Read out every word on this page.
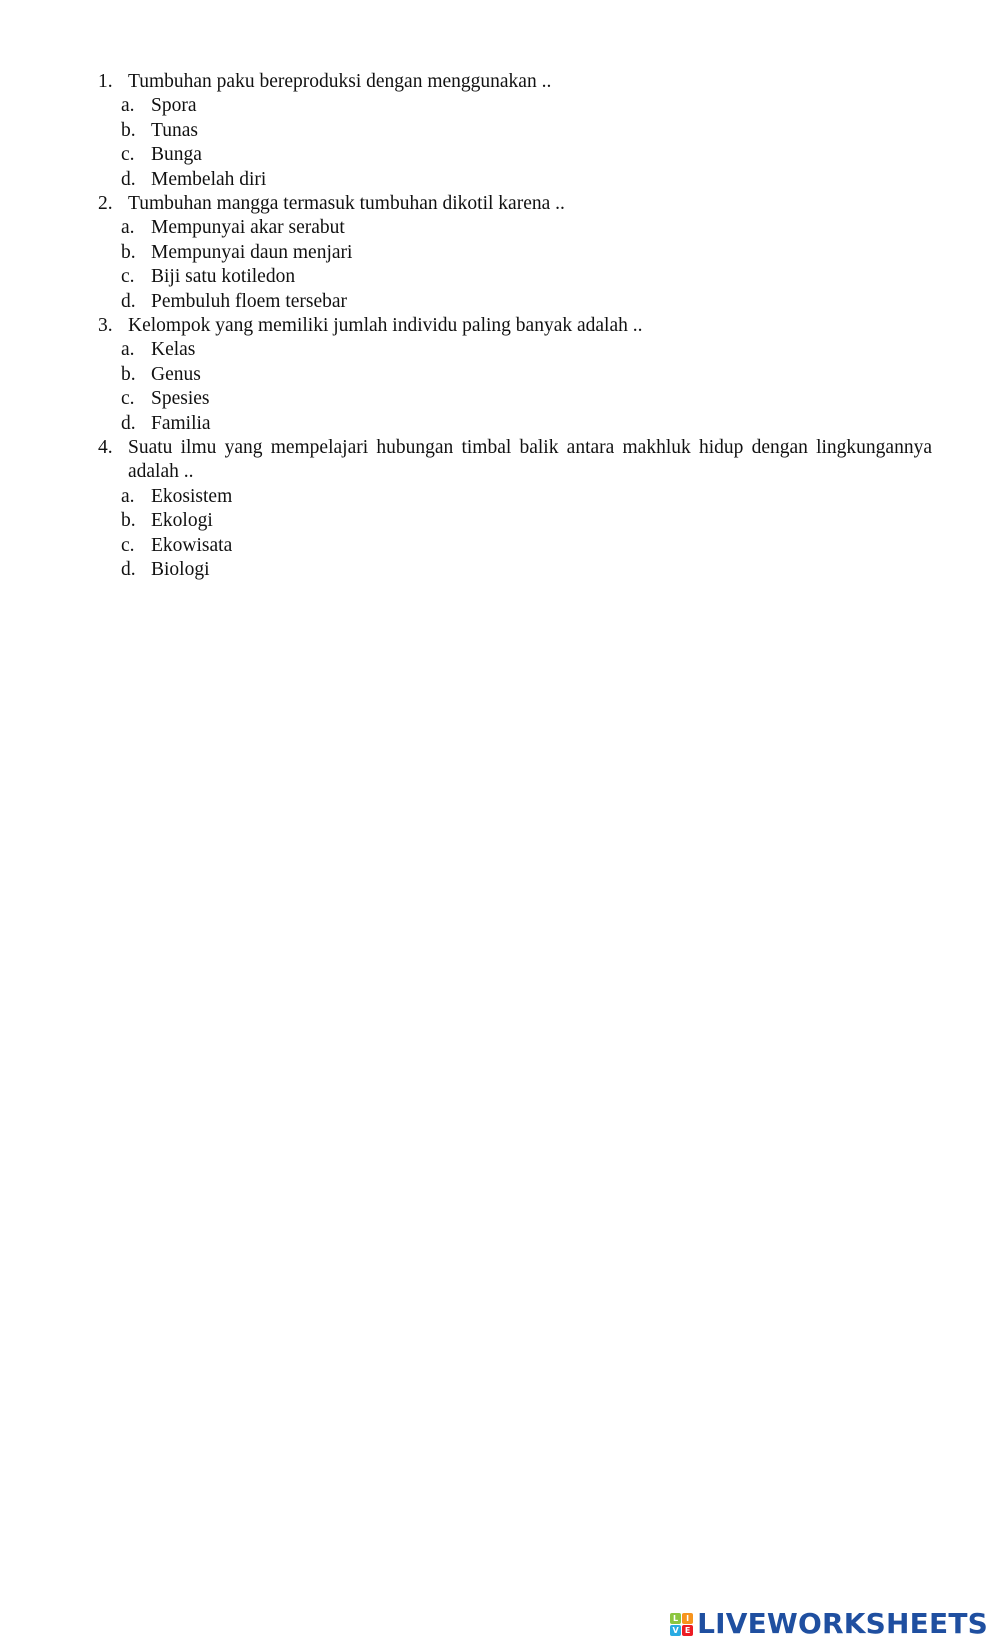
1. Tumbuhan paku bereproduksi dengan menggunakan ..
a. Spora
b. Tunas
c. Bunga
d. Membelah diri
2. Tumbuhan mangga termasuk tumbuhan dikotil karena ..
a. Mempunyai akar serabut
b. Mempunyai daun menjari
c. Biji satu kotiledon
d. Pembuluh floem tersebar
3. Kelompok yang memiliki jumlah individu paling banyak adalah ..
a. Kelas
b. Genus
c. Spesies
d. Familia
4. Suatu ilmu yang mempelajari hubungan timbal balik antara makhluk hidup dengan lingkungannya adalah ..
a. Ekosistem
b. Ekologi
c. Ekowisata
d. Biologi
L I
V E LIVEWORKSHEETS
